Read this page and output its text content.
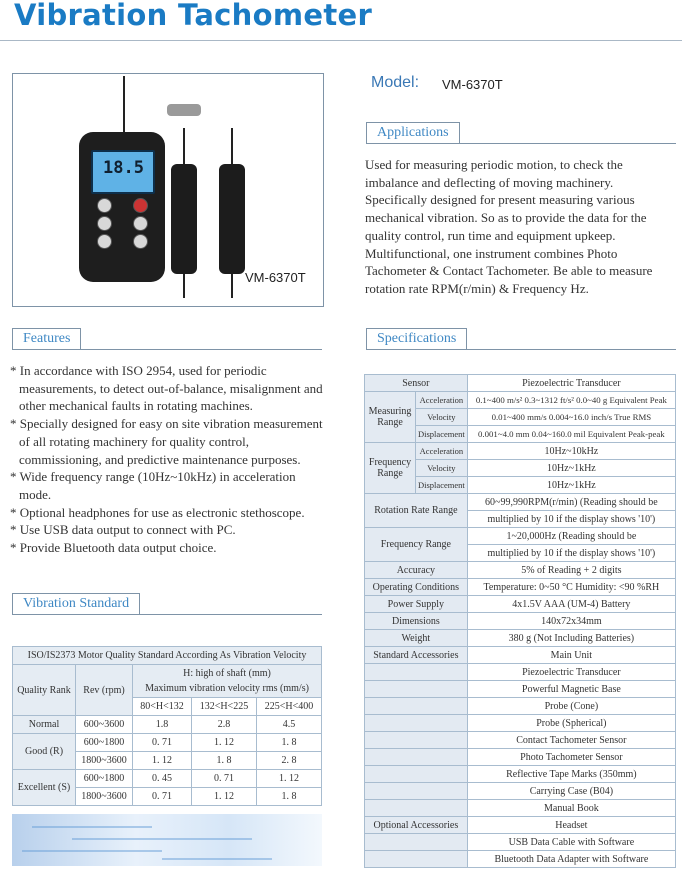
Vibration Tachometer
18.5
VM-6370T
Model: VM-6370T
Applications
Used for measuring periodic motion, to check the imbalance and deflecting of moving machinery. Specifically designed for present measuring various mechanical vibration. So as to provide the data for the quality control, run time and equipment upkeep. Multifunctional, one instrument combines Photo Tachometer & Contact Tachometer. Be able to measure rotation rate RPM(r/min) & Frequency Hz.
Features
* In accordance with ISO 2954, used for periodic measurements, to detect out-of-balance, misalignment and other mechanical faults in rotating machines.
* Specially designed for easy on site vibration measurement of all rotating machinery for quality control, commissioning, and predictive maintenance purposes.
* Wide frequency range (10Hz~10kHz) in acceleration mode.
* Optional headphones for use as electronic stethoscope.
* Use USB data output to connect with PC.
* Provide Bluetooth data output choice.
Vibration Standard
ISO/IS2373 Motor Quality Standard According As Vibration Velocity				
Quality Rank	Rev (rpm)	H: high of shaft (mm)
Maximum vibration velocity rms (mm/s)		
		80<H<132	132<H<225	225<H<400
Normal	600~3600	1.8	2.8	4.5
Good (R)	600~1800	0. 71	1. 12	1. 8
	1800~3600	1. 12	1. 8	2. 8
Excellent (S)	600~1800	0. 45	0. 71	1. 12
	1800~3600	0. 71	1. 12	1. 8
Specifications
Sensor		Piezoelectric Transducer
Measuring Range	Acceleration	0.1~400 m/s² 0.3~1312 ft/s² 0.0~40 g Equivalent Peak
	Velocity	0.01~400 mm/s 0.004~16.0 inch/s True RMS
	Displacement	0.001~4.0 mm 0.04~160.0 mil Equivalent Peak-peak
Frequency Range	Acceleration	10Hz~10kHz
	Velocity	10Hz~1kHz
	Displacement	10Hz~1kHz
Rotation Rate Range		60~99,990RPM(r/min) (Reading should be
		multiplied by 10 if the display shows '10')
Frequency Range		1~20,000Hz (Reading should be
		multiplied by 10 if the display shows '10')
Accuracy		5% of Reading + 2 digits
Operating Conditions		Temperature: 0~50 °C Humidity: <90 %RH
Power Supply		4x1.5V AAA (UM-4) Battery
Dimensions		140x72x34mm
Weight		380 g (Not Including Batteries)
Standard Accessories		Main Unit
		Piezoelectric Transducer
		Powerful Magnetic Base
		Probe (Cone)
		Probe (Spherical)
		Contact Tachometer Sensor
		Photo Tachometer Sensor
		Reflective Tape Marks (350mm)
		Carrying Case (B04)
		Manual Book
Optional Accessories		Headset
		USB Data Cable with Software
		Bluetooth Data Adapter with Software
